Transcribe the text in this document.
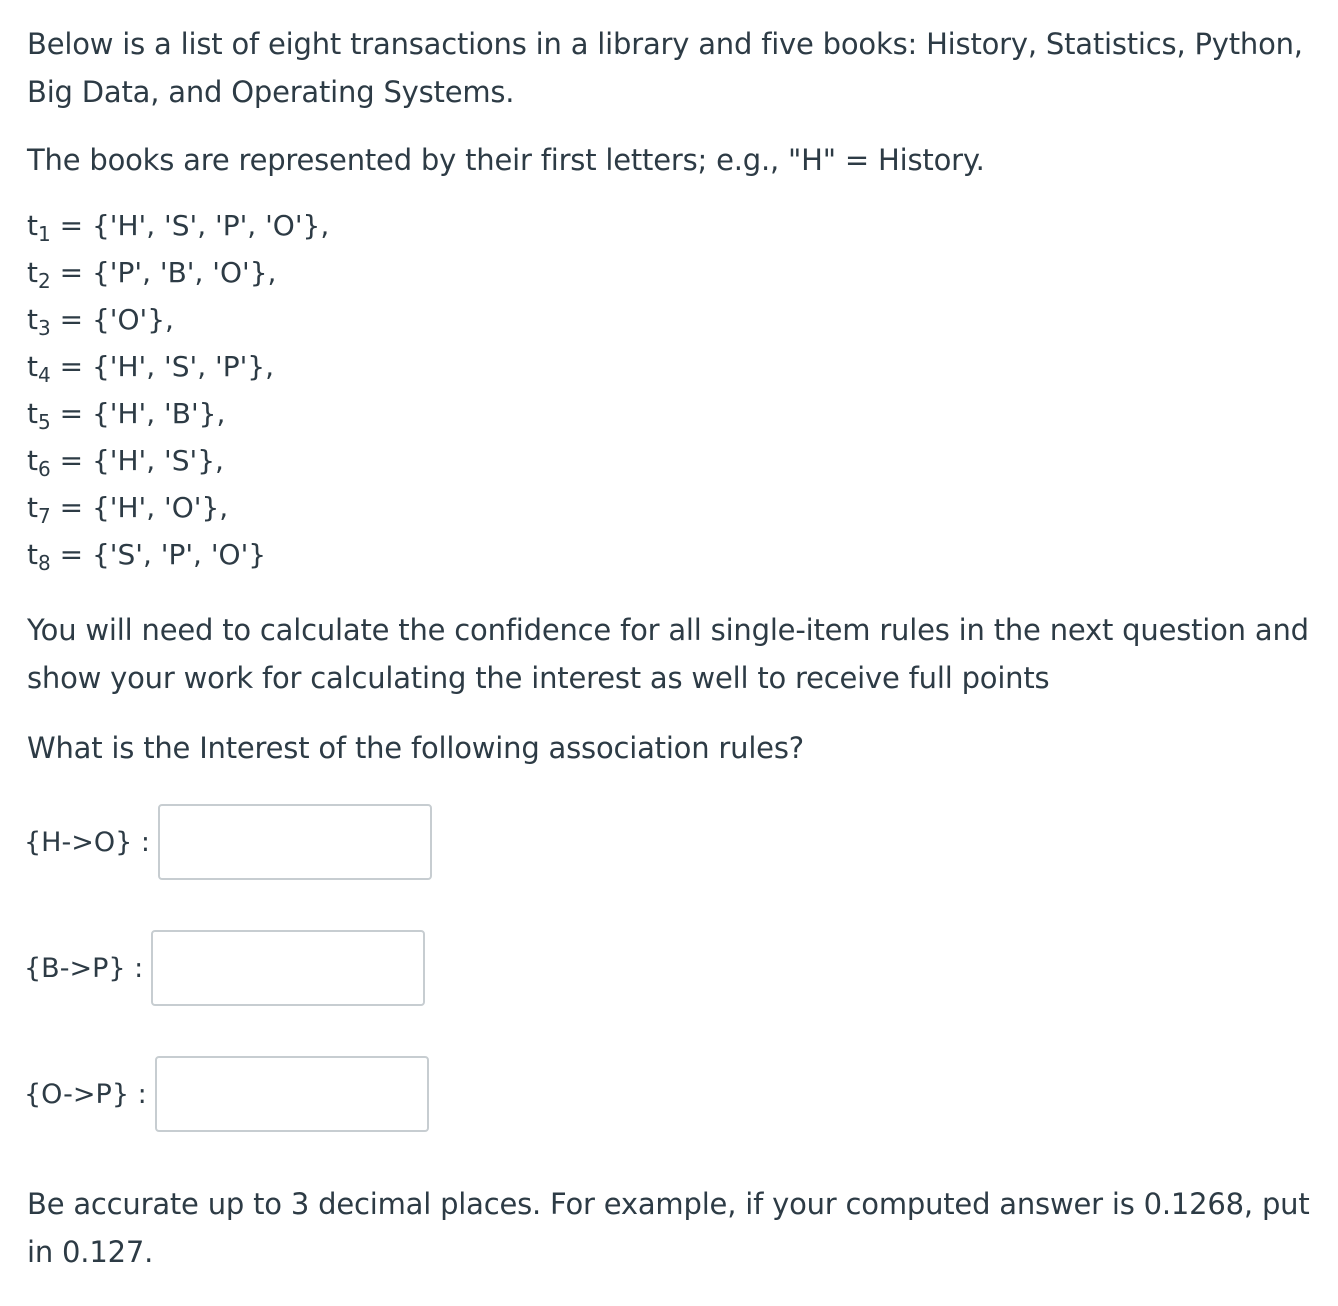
Below is a list of eight transactions in a library and five books: History, Statistics, Python, Big Data, and Operating Systems.

The books are represented by their first letters; e.g., "H" = History.

$t_1 = \{'H'$, 'S', 'P', 'O'},
$t_2 = \{'P'$, 'B', 'O'},
$t_3 = \{'O'\}$,
$t_4 = \{'H'$, 'S', 'P'},
$t_5 = \{'H'$, 'B'},
$t_6 = \{'H'$, 'S'},
$t_7 = \{'H'$, 'O'},
$t_8 = \{'S'$, 'P', 'O'}

You will need to calculate the confidence for all single-item rules in the next question and show your work for calculating the interest as well to receive full points

What is the Interest of the following association rules?

{H->O} :
{B->P} :
{O->P} :

Be accurate up to 3 decimal places. For example, if your computed answer is 0.1268, put in 0.127.
